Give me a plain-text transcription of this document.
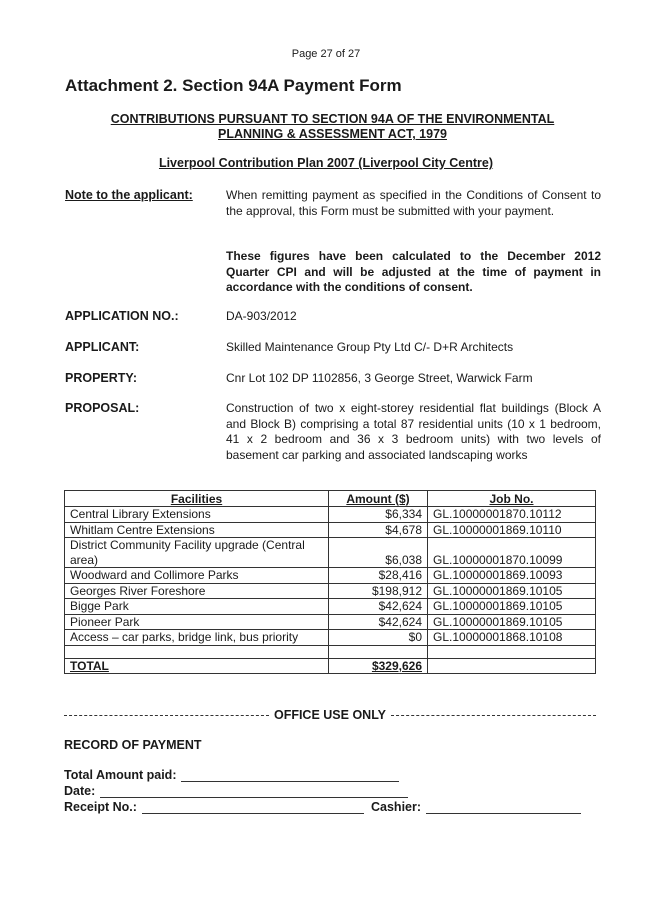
Page 27 of 27
Attachment 2. Section 94A Payment Form
CONTRIBUTIONS PURSUANT TO SECTION 94A OF THE ENVIRONMENTAL
PLANNING & ASSESSMENT ACT, 1979
Liverpool Contribution Plan 2007 (Liverpool City Centre)
Note to the applicant:	When remitting payment as specified in the Conditions of Consent to the approval, this Form must be submitted with your payment.
These figures have been calculated to the December 2012 Quarter CPI and will be adjusted at the time of payment in accordance with the conditions of consent.
APPLICATION NO.:	DA-903/2012
APPLICANT:	Skilled Maintenance Group Pty Ltd C/- D+R Architects
PROPERTY:	Cnr Lot 102 DP 1102856, 3 George Street, Warwick Farm
PROPOSAL:	Construction of two x eight-storey residential flat buildings (Block A and Block B) comprising a total 87 residential units (10 x 1 bedroom, 41 x 2 bedroom and 36 x 3 bedroom units) with two levels of basement car parking and associated landscaping works
Facilities	Amount ($)	Job No.
Central Library Extensions	$6,334	GL.10000001870.10112
Whitlam Centre Extensions	$4,678	GL.10000001869.10110
District Community Facility upgrade (Central area)	$6,038	GL.10000001870.10099
Woodward and Collimore Parks	$28,416	GL.10000001869.10093
Georges River Foreshore	$198,912	GL.10000001869.10105
Bigge Park	$42,624	GL.10000001869.10105
Pioneer Park	$42,624	GL.10000001869.10105
Access – car parks, bridge link, bus priority	$0	GL.10000001868.10108

TOTAL	$329,626	
OFFICE USE ONLY
RECORD OF PAYMENT
Total Amount paid:
Date:
Receipt No.:	Cashier:
